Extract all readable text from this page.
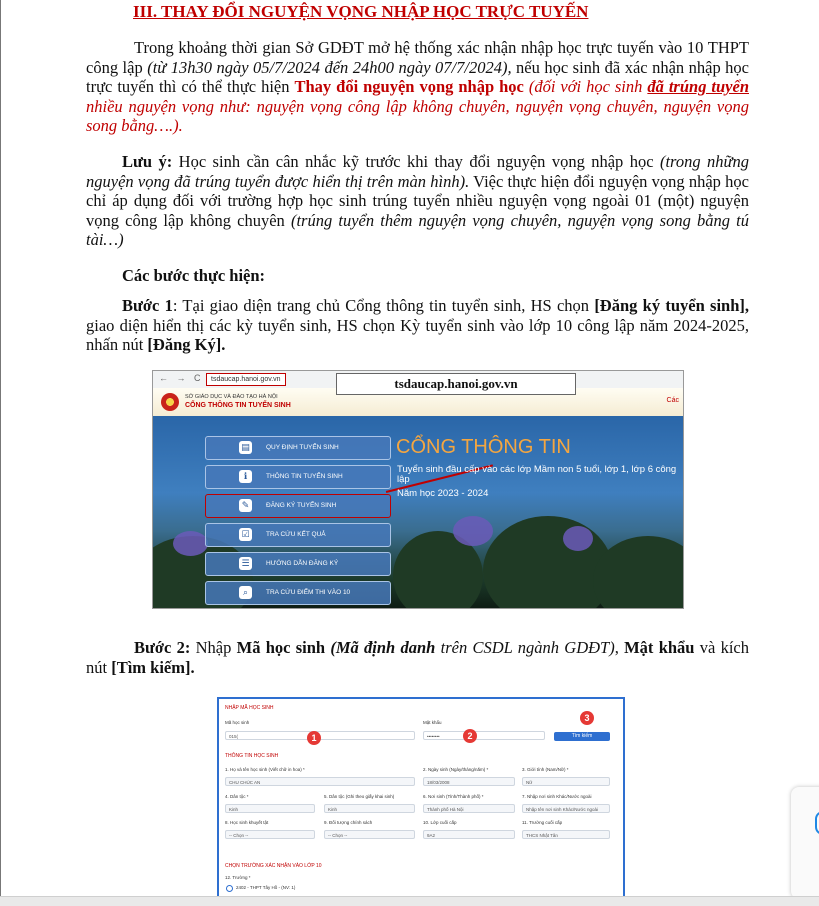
III. THAY ĐỔI NGUYỆN VỌNG NHẬP HỌC TRỰC TUYẾN

Trong khoảng thời gian Sở GDĐT mở hệ thống xác nhận nhập học trực tuyến vào 10 THPT công lập (từ 13h30 ngày 05/7/2024 đến 24h00 ngày 07/7/2024), nếu học sinh đã xác nhận nhập học trực tuyến thì có thể thực hiện Thay đổi nguyện vọng nhập học (đối với học sinh đã trúng tuyển nhiều nguyện vọng như: nguyện vọng công lập không chuyên, nguyện vọng chuyên, nguyện vọng song bằng….).

Lưu ý: Học sinh cần cân nhắc kỹ trước khi thay đổi nguyện vọng nhập học (trong những nguyện vọng đã trúng tuyển được hiển thị trên màn hình). Việc thực hiện đổi nguyện vọng nhập học chỉ áp dụng đối với trường hợp học sinh trúng tuyển nhiều nguyện vọng ngoài 01 (một) nguyện vọng công lập không chuyên (trúng tuyển thêm nguyện vọng chuyên, nguyện vọng song bằng tú tài…)

Các bước thực hiện:

Bước 1: Tại giao diện trang chủ Cổng thông tin tuyển sinh, HS chọn [Đăng ký tuyển sinh], giao diện hiển thị các kỳ tuyển sinh, HS chọn Kỳ tuyển sinh vào lớp 10 công lập năm 2024-2025, nhấn nút [Đăng Ký].

← → C	tsdaucap.hanoi.gov.vn
SỞ GIÁO DỤC VÀ ĐÀO TẠO HÀ NỘI
CỔNG THÔNG TIN TUYỂN SINH
Các
▤	QUY ĐỊNH TUYỂN SINH
ℹ	THÔNG TIN TUYỂN SINH
✎	ĐĂNG KÝ TUYỂN SINH
☑	TRA CỨU KẾT QUẢ
☰	HƯỚNG DẪN ĐĂNG KÝ
⌕	TRA CỨU ĐIỂM THI VÀO 10
CỔNG THÔNG TIN
Tuyển sinh đầu cấp vào các lớp Mầm non 5 tuổi, lớp 1, lớp 6 công lập
Năm học 2023 - 2024
tsdaucap.hanoi.gov.vn

Bước 2: Nhập Mã học sinh (Mã định danh trên CSDL ngành GDĐT), Mật khẩu và kích nút [Tìm kiếm].

NHẬP MÃ HỌC SINH
Mã học sinh
015(
Mật khẩu
••••••••	Tìm kiếm
1	2
3
THÔNG TIN HỌC SINH
1. Họ và tên học sinh (Viết chữ in hoa) *
CHU CHÚC AN
2. Ngày sinh (Ngày/tháng/năm) *
18/03/2008
3. Giới tính (Nam/Nữ) *
Nữ
4. Dân tộc *
Kinh
5. Dân tộc (Ghi theo giấy khai sinh)
Kinh
6. Nơi sinh (Tỉnh/Thành phố) *
Thành phố Hà Nội
7. Nhập nơi sinh Khác/Nước ngoài
Nhập tên nơi sinh Khác/Nước ngoài
8. Học sinh khuyết tật
-- Chọn --
9. Đối tượng chính sách
-- Chọn --
10. Lớp cuối cấp
9A2
11. Trường cuối cấp
THCS Nhật Tân
CHỌN TRƯỜNG XÁC NHẬN VÀO LỚP 10
12. Trường *
2402 - THPT Tây Hồ - (NV: 1)
